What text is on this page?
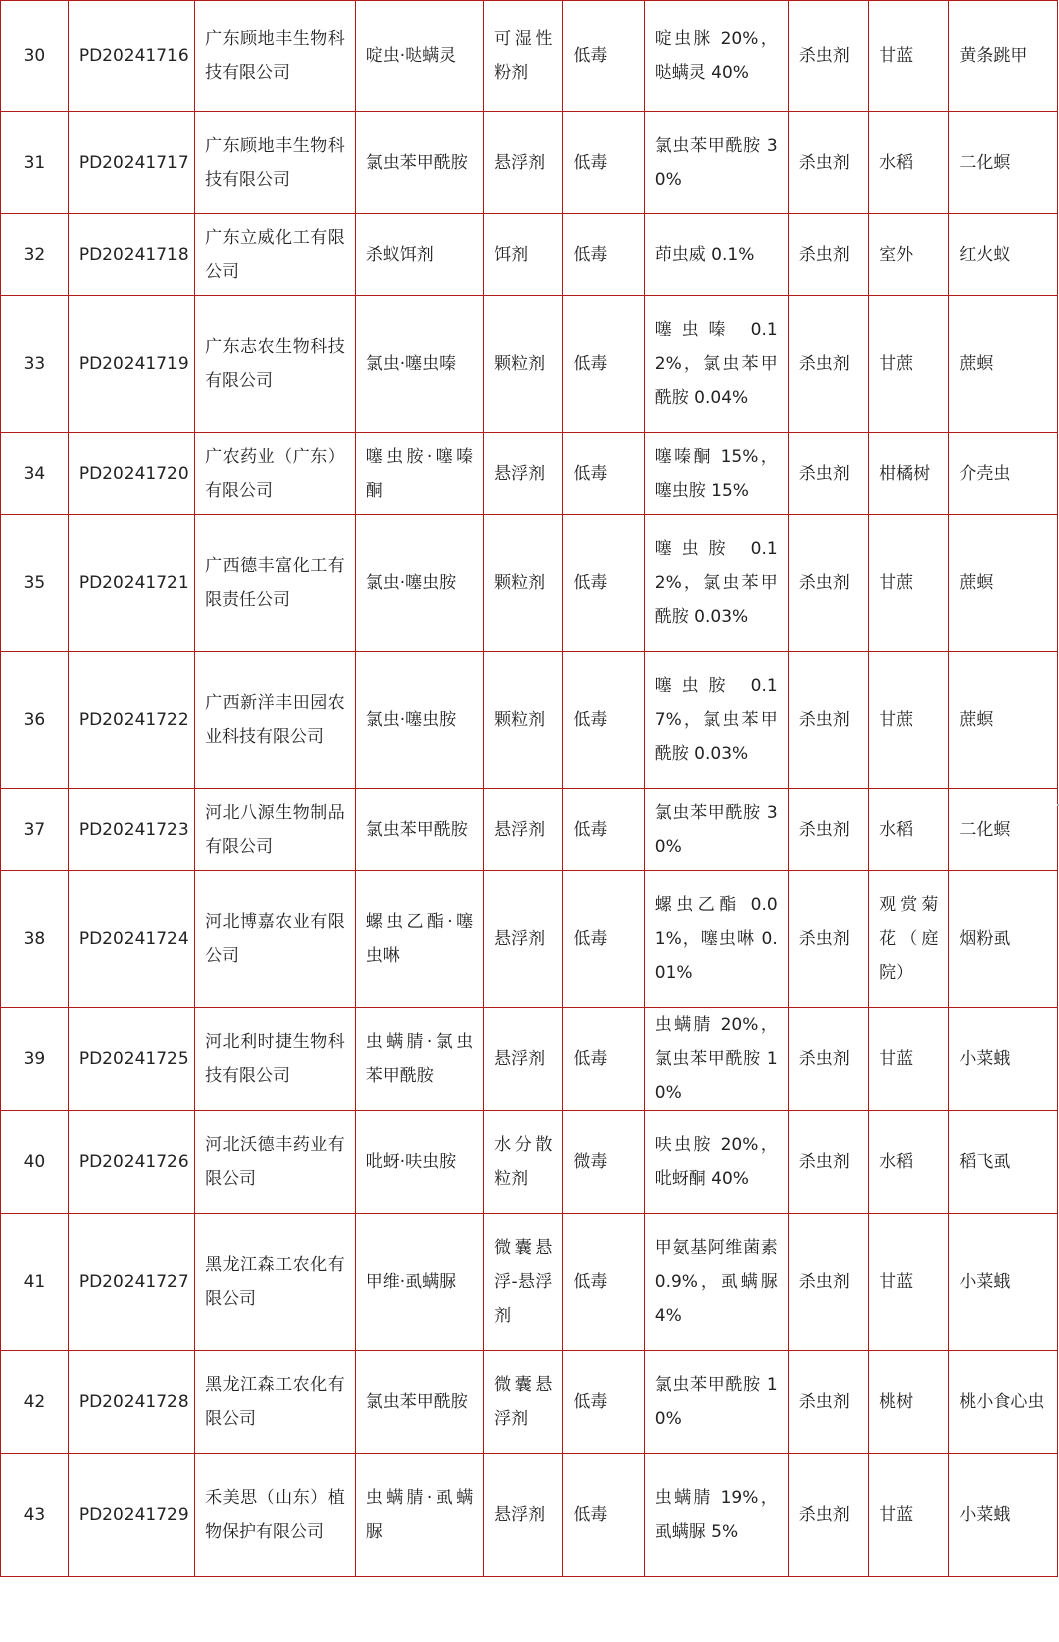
30	PD20241716	广东顾地丰生物科技有限公司	啶虫·哒螨灵	可湿性粉剂	低毒	啶虫脒 20%，哒螨灵 40%	杀虫剂	甘蓝	黄条跳甲
31	PD20241717	广东顾地丰生物科技有限公司	氯虫苯甲酰胺	悬浮剂	低毒	氯虫苯甲酰胺 30%	杀虫剂	水稻	二化螟
32	PD20241718	广东立威化工有限公司	杀蚁饵剂	饵剂	低毒	茚虫威 0.1%	杀虫剂	室外	红火蚁
33	PD20241719	广东志农生物科技有限公司	氯虫·噻虫嗪	颗粒剂	低毒	噻虫嗪 0.12%，氯虫苯甲酰胺 0.04%	杀虫剂	甘蔗	蔗螟
34	PD20241720	广农药业（广东）有限公司	噻虫胺·噻嗪酮	悬浮剂	低毒	噻嗪酮 15%，噻虫胺 15%	杀虫剂	柑橘树	介壳虫
35	PD20241721	广西德丰富化工有限责任公司	氯虫·噻虫胺	颗粒剂	低毒	噻虫胺 0.12%，氯虫苯甲酰胺 0.03%	杀虫剂	甘蔗	蔗螟
36	PD20241722	广西新洋丰田园农业科技有限公司	氯虫·噻虫胺	颗粒剂	低毒	噻虫胺 0.17%，氯虫苯甲酰胺 0.03%	杀虫剂	甘蔗	蔗螟
37	PD20241723	河北八源生物制品有限公司	氯虫苯甲酰胺	悬浮剂	低毒	氯虫苯甲酰胺 30%	杀虫剂	水稻	二化螟
38	PD20241724	河北博嘉农业有限公司	螺虫乙酯·噻虫啉	悬浮剂	低毒	螺虫乙酯 0.01%，噻虫啉 0.01%	杀虫剂	观赏菊花（庭院）	烟粉虱
39	PD20241725	河北利时捷生物科技有限公司	虫螨腈·氯虫苯甲酰胺	悬浮剂	低毒	虫螨腈 20%，氯虫苯甲酰胺 10%	杀虫剂	甘蓝	小菜蛾
40	PD20241726	河北沃德丰药业有限公司	吡蚜·呋虫胺	水分散粒剂	微毒	呋虫胺 20%，吡蚜酮 40%	杀虫剂	水稻	稻飞虱
41	PD20241727	黑龙江森工农化有限公司	甲维·虱螨脲	微囊悬浮-悬浮剂	低毒	甲氨基阿维菌素 0.9%，虱螨脲 4%	杀虫剂	甘蓝	小菜蛾
42	PD20241728	黑龙江森工农化有限公司	氯虫苯甲酰胺	微囊悬浮剂	低毒	氯虫苯甲酰胺 10%	杀虫剂	桃树	桃小食心虫
43	PD20241729	禾美思（山东）植物保护有限公司	虫螨腈·虱螨脲	悬浮剂	低毒	虫螨腈 19%，虱螨脲 5%	杀虫剂	甘蓝	小菜蛾
